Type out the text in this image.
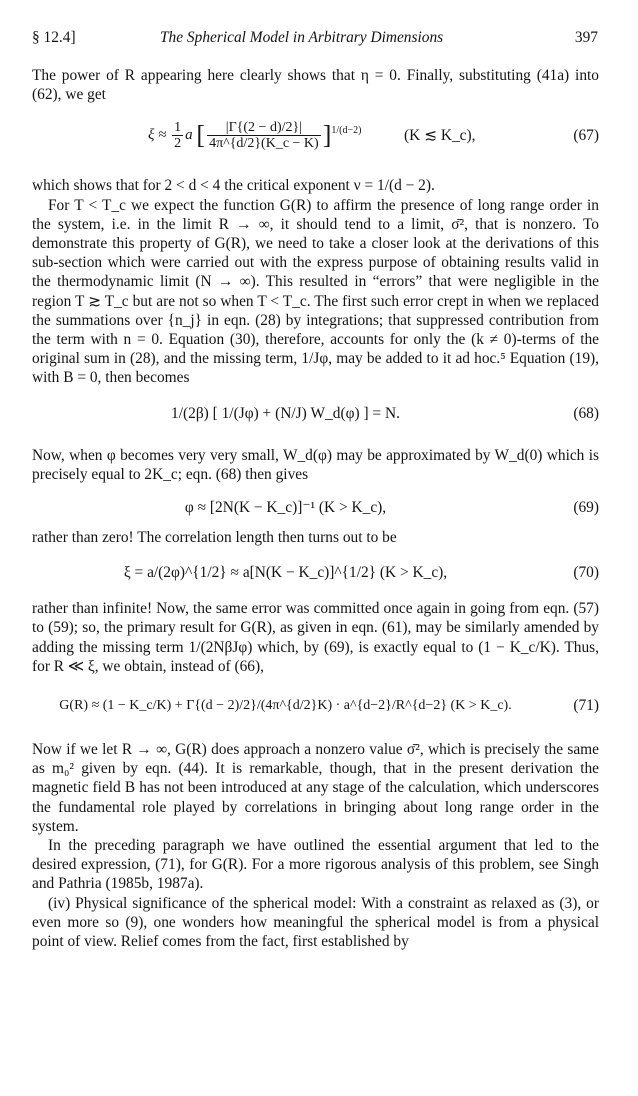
§ 12.4]	The Spherical Model in Arbitrary Dimensions	397

The power of R appearing here clearly shows that η = 0. Finally, substituting (41a) into (62), we get

$\xi \approx \frac{1}{2}$ a [ $\frac{|\Gamma\{(2 - d)/2\}|}{4\pi\^{}\{d/2\}(K\_c - K)} ]^{1/(d-2)}$	(K ≲ K_c),	(67)

which shows that for 2 < d < 4 the critical exponent ν = 1/(d − 2).

For T < T_c we expect the function G(R) to affirm the presence of long range order in the system, i.e. in the limit R → ∞, it should tend to a limit, σ̄², that is nonzero. To demonstrate this property of G(R), we need to take a closer look at the derivations of this sub-section which were carried out with the express purpose of obtaining results valid in the thermodynamic limit (N → ∞). This resulted in “errors” that were negligible in the region T ≳ T_c but are not so when T < T_c. The first such error crept in when we replaced the summations over {n_j} in eqn. (28) by integrations; that suppressed contribution from the term with n = 0. Equation (30), therefore, accounts for only the (k ≠ 0)-terms of the original sum in (28), and the missing term, 1/Jφ, may be added to it ad hoc.⁵ Equation (19), with B = 0, then becomes

1/(2β) [ 1/(Jφ) + (N/J) W_d(φ) ] = N.	(68)

Now, when φ becomes very very small, W_d(φ) may be approximated by W_d(0) which is precisely equal to 2K_c; eqn. (68) then gives

φ ≈ [2N(K − K_c)]⁻¹ (K > K_c),	(69)

rather than zero! The correlation length then turns out to be

ξ = a/(2φ)^{1/2} ≈ a[N(K − K_c)]^{1/2} (K > K_c),	(70)

rather than infinite! Now, the same error was committed once again in going from eqn. (57) to (59); so, the primary result for G(R), as given in eqn. (61), may be similarly amended by adding the missing term 1/(2NβJφ) which, by (69), is exactly equal to (1 − K_c/K). Thus, for R ≪ ξ, we obtain, instead of (66),

G(R) ≈ (1 − K_c/K) + Γ{(d − 2)/2}/(4π^{d/2}K) · a^{d−2}/R^{d−2} (K > K_c).	(71)

Now if we let R → ∞, G(R) does approach a nonzero value σ̄², which is precisely the same as m₀² given by eqn. (44). It is remarkable, though, that in the present derivation the magnetic field B has not been introduced at any stage of the calculation, which underscores the fundamental role played by correlations in bringing about long range order in the system.

In the preceding paragraph we have outlined the essential argument that led to the desired expression, (71), for G(R). For a more rigorous analysis of this problem, see Singh and Pathria (1985b, 1987a).

(iv) Physical significance of the spherical model: With a constraint as relaxed as (3), or even more so (9), one wonders how meaningful the spherical model is from a physical point of view. Relief comes from the fact, first established by
